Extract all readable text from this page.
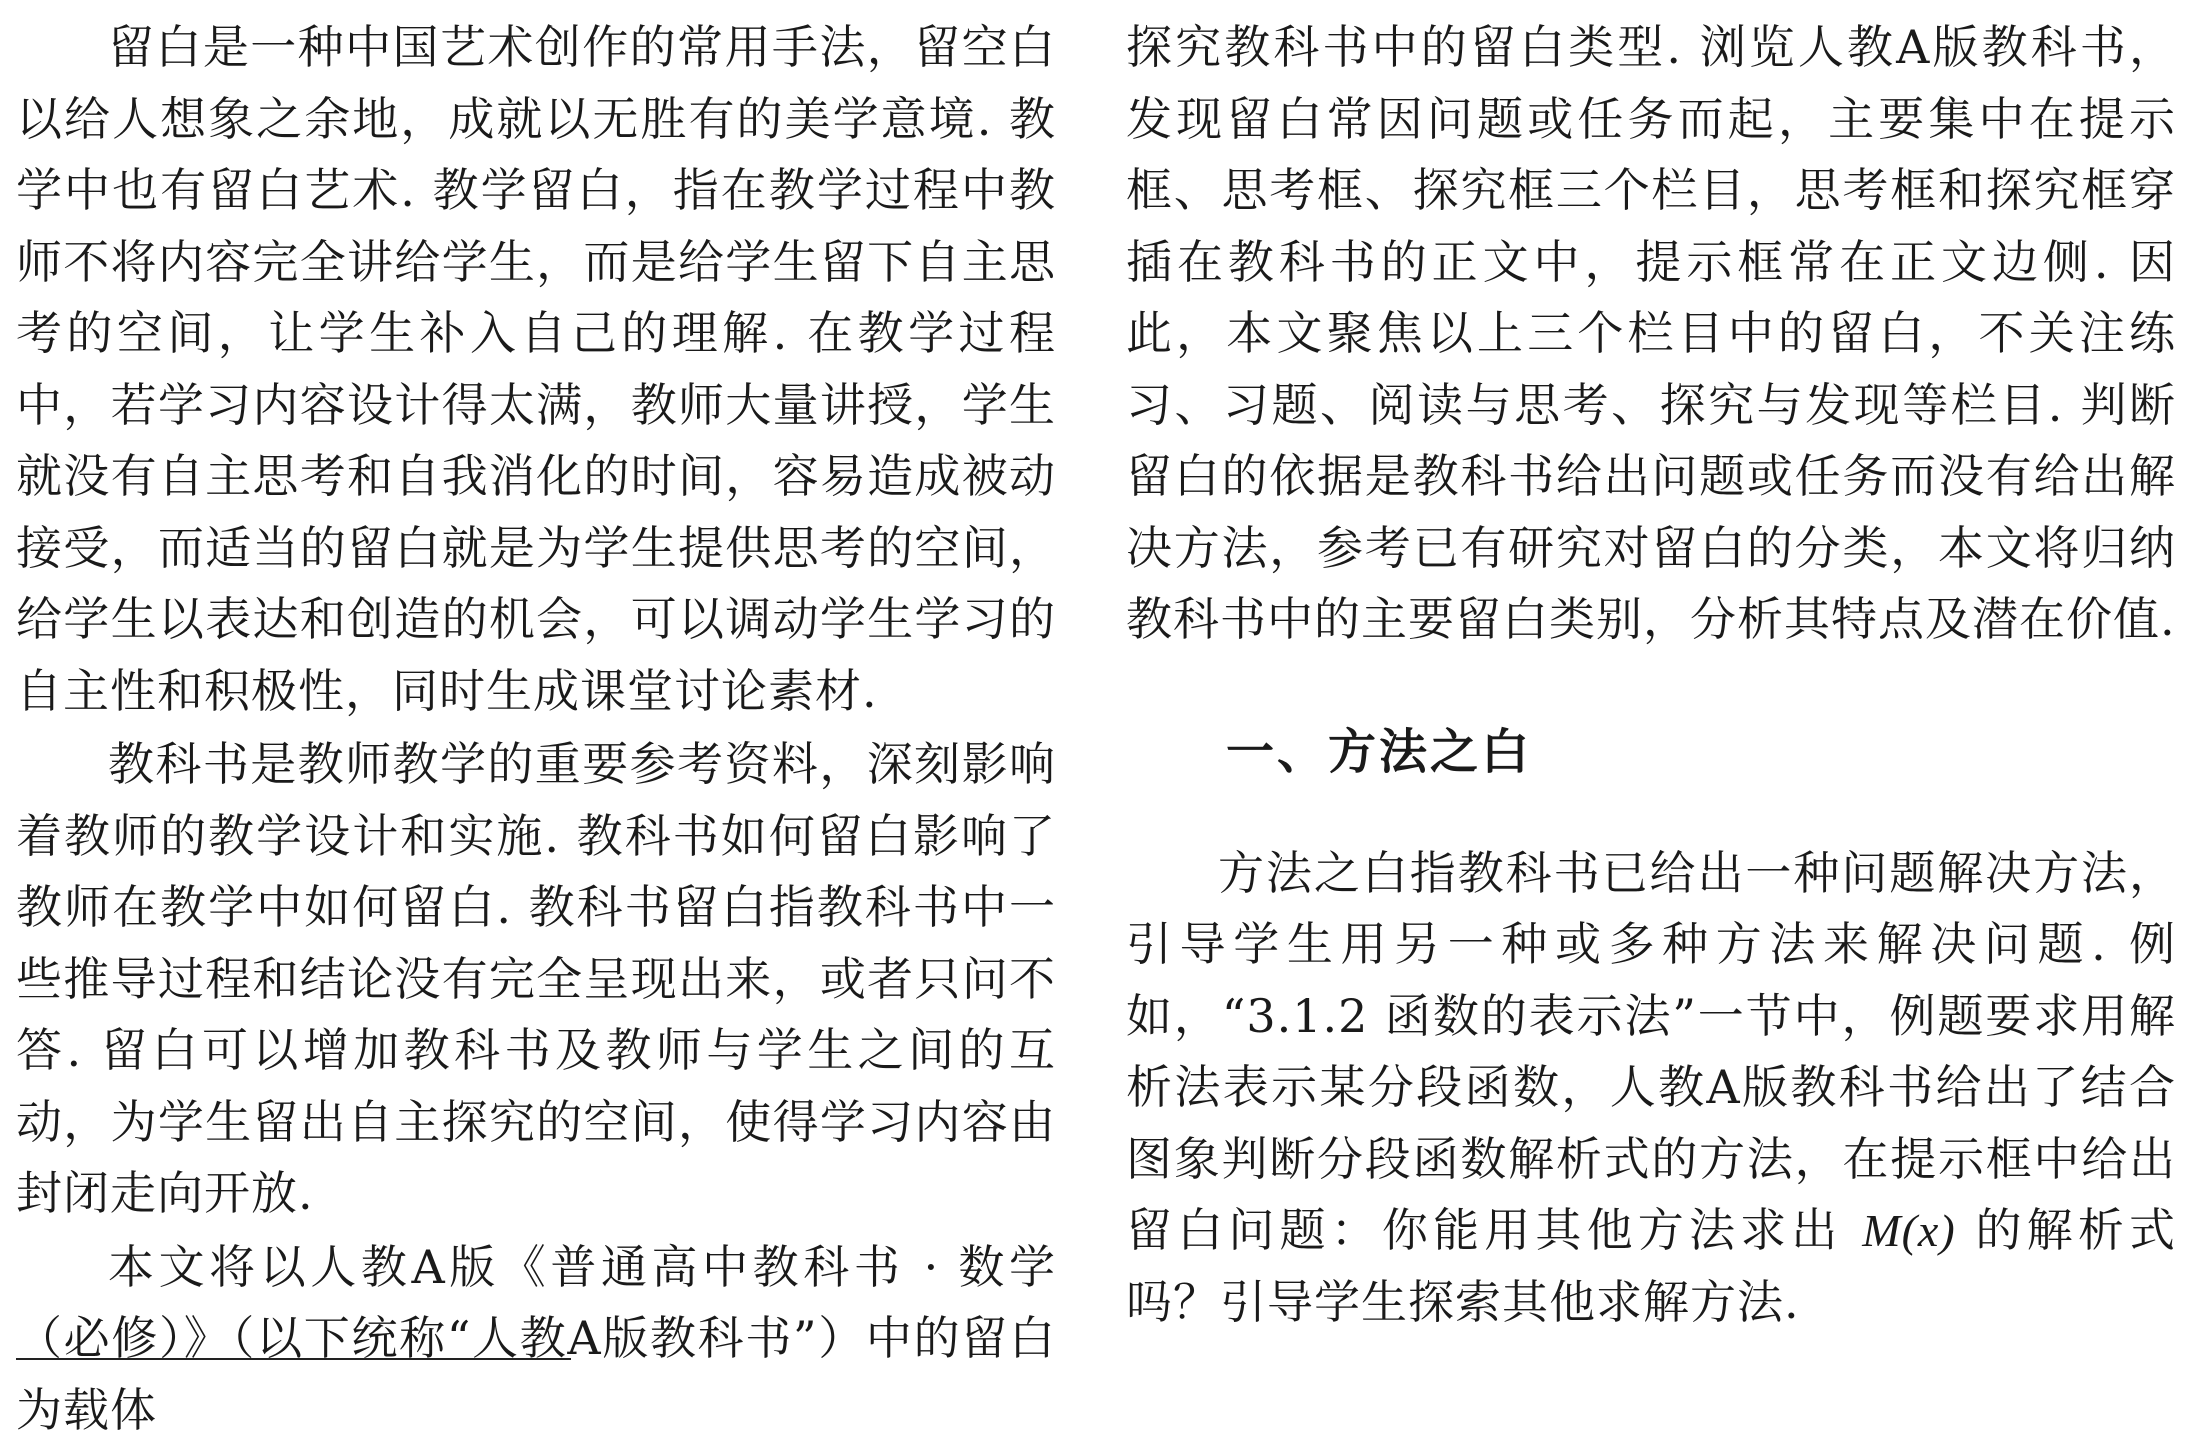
留白是一种中国艺术创作的常用手法，留空白以给人想象之余地，成就以无胜有的美学意境. 教学中也有留白艺术. 教学留白，指在教学过程中教师不将内容完全讲给学生，而是给学生留下自主思考的空间，让学生补入自己的理解. 在教学过程中，若学习内容设计得太满，教师大量讲授，学生就没有自主思考和自我消化的时间，容易造成被动接受，而适当的留白就是为学生提供思考的空间，给学生以表达和创造的机会，可以调动学生学习的自主性和积极性，同时生成课堂讨论素材.

教科书是教师教学的重要参考资料，深刻影响着教师的教学设计和实施. 教科书如何留白影响了教师在教学中如何留白. 教科书留白指教科书中一些推导过程和结论没有完全呈现出来，或者只问不答. 留白可以增加教科书及教师与学生之间的互动，为学生留出自主探究的空间，使得学习内容由封闭走向开放.

本文将以人教A版《普通高中教科书 · 数学（必修）》（以下统称“人教A版教科书”）中的留白为载体

探究教科书中的留白类型. 浏览人教A版教科书，发现留白常因问题或任务而起，主要集中在提示框、思考框、探究框三个栏目，思考框和探究框穿插在教科书的正文中，提示框常在正文边侧. 因此，本文聚焦以上三个栏目中的留白，不关注练习、习题、阅读与思考、探究与发现等栏目. 判断留白的依据是教科书给出问题或任务而没有给出解决方法，参考已有研究对留白的分类，本文将归纳教科书中的主要留白类别，分析其特点及潜在价值.

一、方法之白

方法之白指教科书已给出一种问题解决方法，引导学生用另一种或多种方法来解决问题. 例如，“3.1.2 函数的表示法”一节中，例题要求用解析法表示某分段函数，人教A版教科书给出了结合图象判断分段函数解析式的方法，在提示框中给出留白问题：你能用其他方法求出 M(x) 的解析式吗？引导学生探索其他求解方法.
